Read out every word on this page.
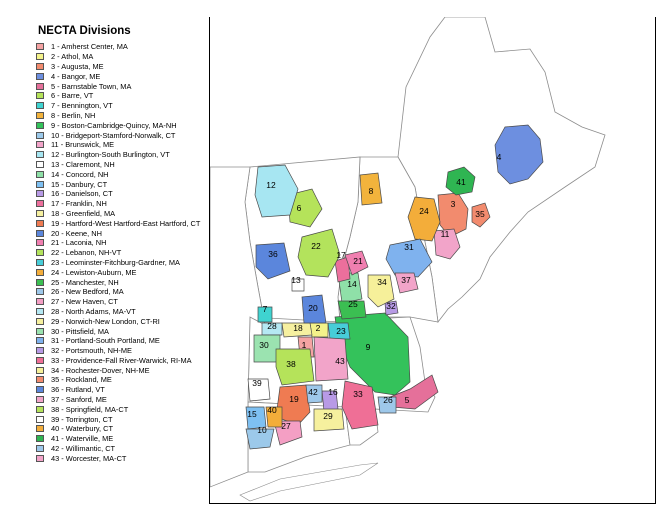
NECTA Divisions
1 - Amherst Center, MA
2 - Athol, MA
3 - Augusta, ME
4 - Bangor, ME
5 - Barnstable Town, MA
6 - Barre, VT
7 - Bennington, VT
8 - Berlin, NH
9 - Boston-Cambridge-Quincy, MA-NH
10 - Bridgeport-Stamford-Norwalk, CT
11 - Brunswick, ME
12 - Burlington-South Burlington, VT
13 - Claremont, NH
14 - Concord, NH
15 - Danbury, CT
16 - Danielson, CT
17 - Franklin, NH
18 - Greenfield, MA
19 - Hartford-West Hartford-East Hartford, CT
20 - Keene, NH
21 - Laconia, NH
22 - Lebanon, NH-VT
23 - Leominster-Fitchburg-Gardner, MA
24 - Lewiston-Auburn, ME
25 - Manchester, NH
26 - New Bedford, MA
27 - New Haven, CT
28 - North Adams, MA-VT
29 - Norwich-New London, CT-RI
30 - Pittsfield, MA
31 - Portland-South Portland, ME
32 - Portsmouth, NH-ME
33 - Providence-Fall River-Warwick, RI-MA
34 - Rochester-Dover, NH-ME
35 - Rockland, ME
36 - Rutland, VT
37 - Sanford, ME
38 - Springfield, MA-CT
39 - Torrington, CT
40 - Waterbury, CT
41 - Waterville, ME
42 - Willimantic, CT
43 - Worcester, MA-CT
1
2
3
4
5
6
7
8
9
10
11
12
13	14
15
16
17
18
19
20
21
22
23
24
25
26
27
28
29
30
31
32
33
34
35
36
37
38
39
40
41
42
43
